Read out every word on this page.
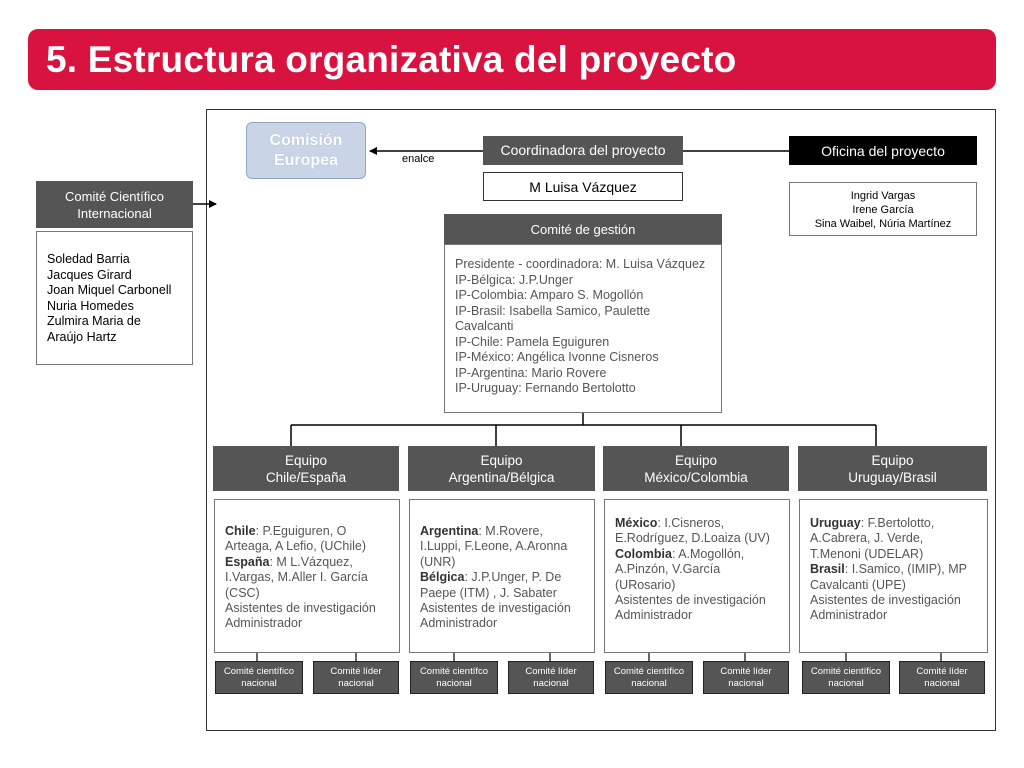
5. Estructura organizativa del proyecto
Comisión
Europea	enalce
Coordinadora del proyecto
M Luisa Vázquez
Oficina del proyecto
Ingrid Vargas
Irene García
Sina Waibel, Núria Martínez
Comité Científico
Internacional
Soledad Barria
Jacques Girard
Joan Miquel Carbonell
Nuria Homedes
Zulmira Maria de
Araújo Hartz
Comité de gestión
Presidente - coordinadora: M. Luisa Vázquez
IP-Bélgica: J.P.Unger
IP-Colombia: Amparo S. Mogollón
IP-Brasil: Isabella Samico, Paulette
Cavalcanti
IP-Chile: Pamela Eguiguren
IP-México: Angélica Ivonne Cisneros
IP-Argentina: Mario Rovere
IP-Uruguay: Fernando Bertolotto
Equipo
Chile/España
Chile: P.Eguiguren, O
Arteaga, A Lefio, (UChile)
España: M L.Vázquez,
I.Vargas, M.Aller I. García
(CSC)
Asistentes de investigación
Administrador
Comité científico
nacional
Comité líder
nacional
Equipo
Argentina/Bélgica
Argentina: M.Rovere,
I.Luppi, F.Leone, A.Aronna
(UNR)
Bélgica: J.P.Unger, P. De
Paepe (ITM) , J. Sabater
Asistentes de investigación
Administrador
Comité científco
nacional
Comité líder
nacional
Equipo
México/Colombia
México: I.Cisneros,
E.Rodríguez, D.Loaiza (UV)
Colombia: A.Mogollón,
A.Pinzón, V.García
(URosario)
Asistentes de investigación
Administrador
Comité científico
nacional
Comité líder
nacional
Equipo
Uruguay/Brasil
Uruguay: F.Bertolotto,
A.Cabrera, J. Verde,
T.Menoni (UDELAR)
Brasil: I.Samico, (IMIP), MP
Cavalcanti (UPE)
Asistentes de investigación
Administrador
Comité científico
nacional
Comité líder
nacional
